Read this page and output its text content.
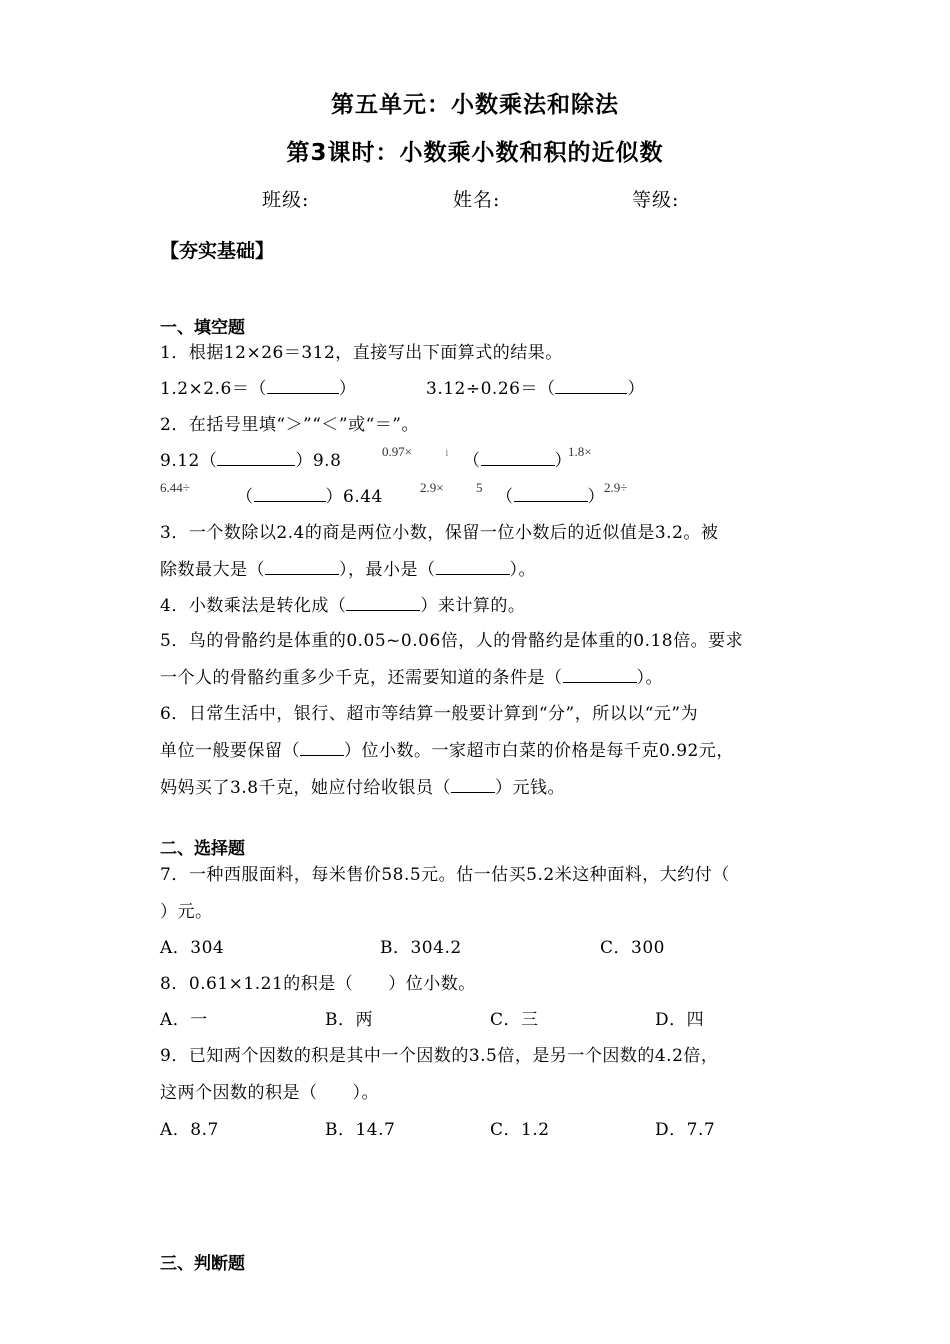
第五单元：小数乘法和除法
第3课时：小数乘小数和积的近似数
班级:	姓名:	等级:
【夯实基础】
一、填空题
1．根据12×26＝312，直接写出下面算式的结果。
1.2×2.6＝（	）	3.12÷0.26＝（	）
2．在括号里填“＞”“＜”或“＝”。
9.12（	）9.8	0.97×	ı （	）
1.8×
6.44÷	（	）6.44	2.9× 5 （	） 2.9÷
3．一个数除以2.4的商是两位小数，保留一位小数后的近似值是3.2。被
除数最大是（	），最小是（	）。
4．小数乘法是转化成（	）来计算的。
5．鸟的骨骼约是体重的0.05~0.06倍，人的骨骼约是体重的0.18倍。要求
一个人的骨骼约重多少千克，还需要知道的条件是（	）。
6．日常生活中，银行、超市等结算一般要计算到“分”，所以以“元”为
单位一般要保留（	）位小数。一家超市白菜的价格是每千克0.92元，
妈妈买了3.8千克，她应付给收银员（	）元钱。
二、选择题
7．一种西服面料，每米售价58.5元。估一估买5.2米这种面料，大约付（
）元。
A．304	B．304.2	C．300
8．0.61×1.21的积是（　　）位小数。
A．一	B．两	C．三	D．四
9．已知两个因数的积是其中一个因数的3.5倍，是另一个因数的4.2倍，
这两个因数的积是（　　）。
A．8.7	B．14.7	C．1.2	D．7.7
三、判断题
